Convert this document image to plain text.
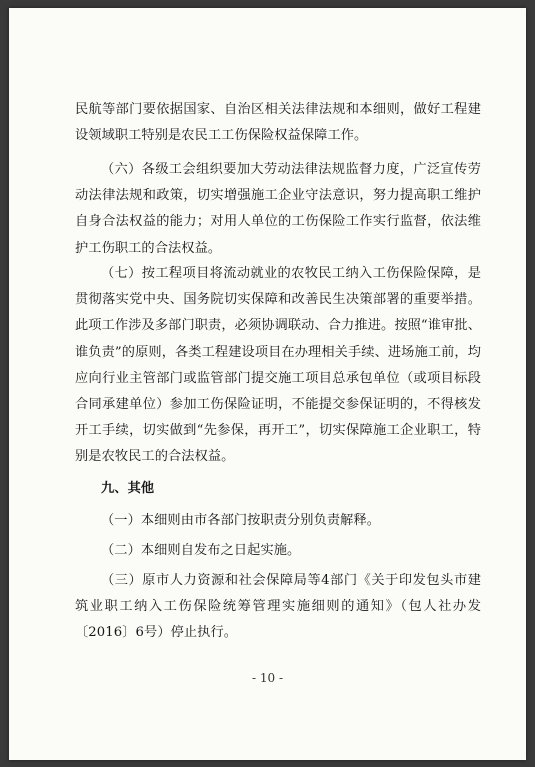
民航等部门要依据国家、自治区相关法律法规和本细则，做好工程建设领域职工特别是农民工工伤保险权益保障工作。
（六）各级工会组织要加大劳动法律法规监督力度，广泛宣传劳动法律法规和政策，切实增强施工企业守法意识，努力提高职工维护自身合法权益的能力；对用人单位的工伤保险工作实行监督，依法维护工伤职工的合法权益。
（七）按工程项目将流动就业的农牧民工纳入工伤保险保障，是贯彻落实党中央、国务院切实保障和改善民生决策部署的重要举措。此项工作涉及多部门职责，必须协调联动、合力推进。按照“谁审批、谁负责”的原则，各类工程建设项目在办理相关手续、进场施工前，均应向行业主管部门或监管部门提交施工项目总承包单位（或项目标段合同承建单位）参加工伤保险证明，不能提交参保证明的，不得核发开工手续，切实做到“先参保，再开工”，切实保障施工企业职工，特别是农牧民工的合法权益。
九、其他
（一）本细则由市各部门按职责分别负责解释。
（二）本细则自发布之日起实施。
（三）原市人力资源和社会保障局等4部门《关于印发包头市建筑业职工纳入工伤保险统筹管理实施细则的通知》（包人社办发〔2016〕6号）停止执行。
- 10 -
